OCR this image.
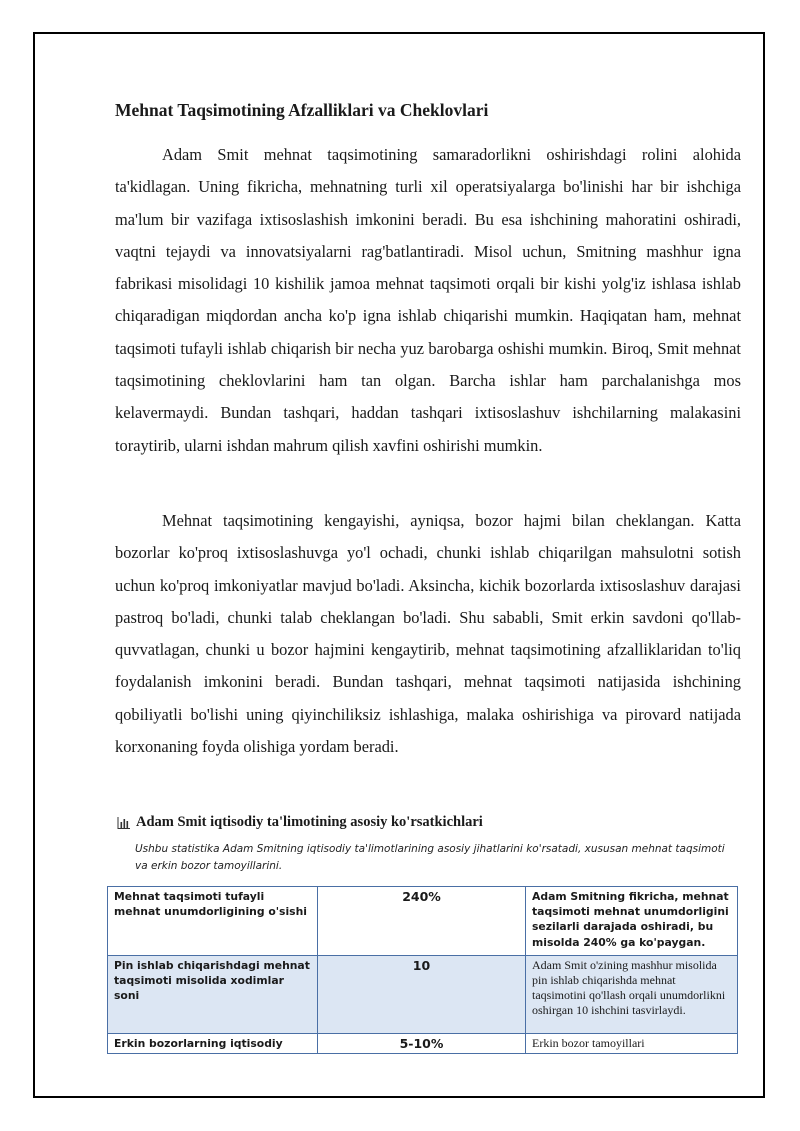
Mehnat Taqsimotining Afzalliklari va Cheklovlari

Adam Smit mehnat taqsimotining samaradorlikni oshirishdagi rolini alohida ta'kidlagan. Uning fikricha, mehnatning turli xil operatsiyalarga bo'linishi har bir ishchiga ma'lum bir vazifaga ixtisoslashish imkonini beradi. Bu esa ishchining mahoratini oshiradi, vaqtni tejaydi va innovatsiyalarni rag'batlantiradi. Misol uchun, Smitning mashhur igna fabrikasi misolidagi 10 kishilik jamoa mehnat taqsimoti orqali bir kishi yolg'iz ishlasa ishlab chiqaradigan miqdordan ancha ko'p igna ishlab chiqarishi mumkin. Haqiqatan ham, mehnat taqsimoti tufayli ishlab chiqarish bir necha yuz barobarga oshishi mumkin. Biroq, Smit mehnat taqsimotining cheklovlarini ham tan olgan. Barcha ishlar ham parchalanishga mos kelavermaydi. Bundan tashqari, haddan tashqari ixtisoslashuv ishchilarning malakasini toraytirib, ularni ishdan mahrum qilish xavfini oshirishi mumkin.

Mehnat taqsimotining kengayishi, ayniqsa, bozor hajmi bilan cheklangan. Katta bozorlar ko'proq ixtisoslashuvga yo'l ochadi, chunki ishlab chiqarilgan mahsulotni sotish uchun ko'proq imkoniyatlar mavjud bo'ladi. Aksincha, kichik bozorlarda ixtisoslashuv darajasi pastroq bo'ladi, chunki talab cheklangan bo'ladi. Shu sababli, Smit erkin savdoni qo'llab-quvvatlagan, chunki u bozor hajmini kengaytirib, mehnat taqsimotining afzalliklaridan to'liq foydalanish imkonini beradi. Bundan tashqari, mehnat taqsimoti natijasida ishchining qobiliyatli bo'lishi uning qiyinchiliksiz ishlashiga, malaka oshirishiga va pirovard natijada korxonaning foyda olishiga yordam beradi.

Adam Smit iqtisodiy ta'limotining asosiy ko'rsatkichlari

Ushbu statistika Adam Smitning iqtisodiy ta'limotlarining asosiy jihatlarini ko'rsatadi, xususan mehnat taqsimoti va erkin bozor tamoyillarini.

Mehnat taqsimoti tufayli mehnat unumdorligining o'sishi	240%	Adam Smitning fikricha, mehnat taqsimoti mehnat unumdorligini sezilarli darajada oshiradi, bu misolda 240% ga ko'paygan.
Pin ishlab chiqarishdagi mehnat taqsimoti misolida xodimlar soni	10	Adam Smit o'zining mashhur misolida pin ishlab chiqarishda mehnat taqsimotini qo'llash orqali unumdorlikni oshirgan 10 ishchini tasvirlaydi.
Erkin bozorlarning iqtisodiy	5-10%	Erkin bozor tamoyillari
